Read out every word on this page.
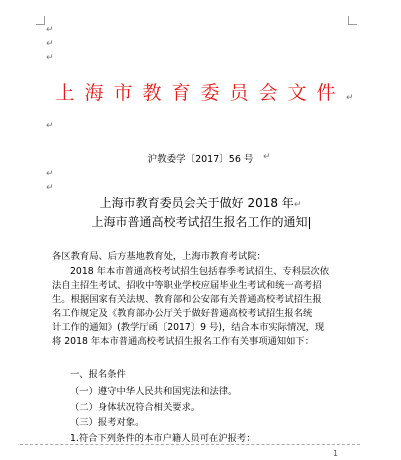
↵
↵
↵
上海市教育委员会文件 ↵
↵
沪教委学〔2017〕56 号	↵
↵
↵
上海市教育委员会关于做好 2018 年↵
上海市普通高校考试招生报名工作的通知
各区教育局、后方基地教育处，上海市教育考试院：
2018 年本市普通高校考试招生包括春季考试招生、专科层次依
法自主招生考试、招收中等职业学校应届毕业生考试和统一高考招
生。根据国家有关法规、教育部和公安部有关普通高校考试招生报
名工作规定及《教育部办公厅关于做好普通高校考试招生报名统
计工作的通知》(教学厅函〔2017〕9 号)，结合本市实际情况，现
将 2018 年本市普通高校考试招生报名工作有关事项通知如下：
一、报名条件
（一）遵守中华人民共和国宪法和法律。
（二）身体状况符合相关要求。
（三）报考对象。
1.符合下列条件的本市户籍人员可在沪报考：
1
